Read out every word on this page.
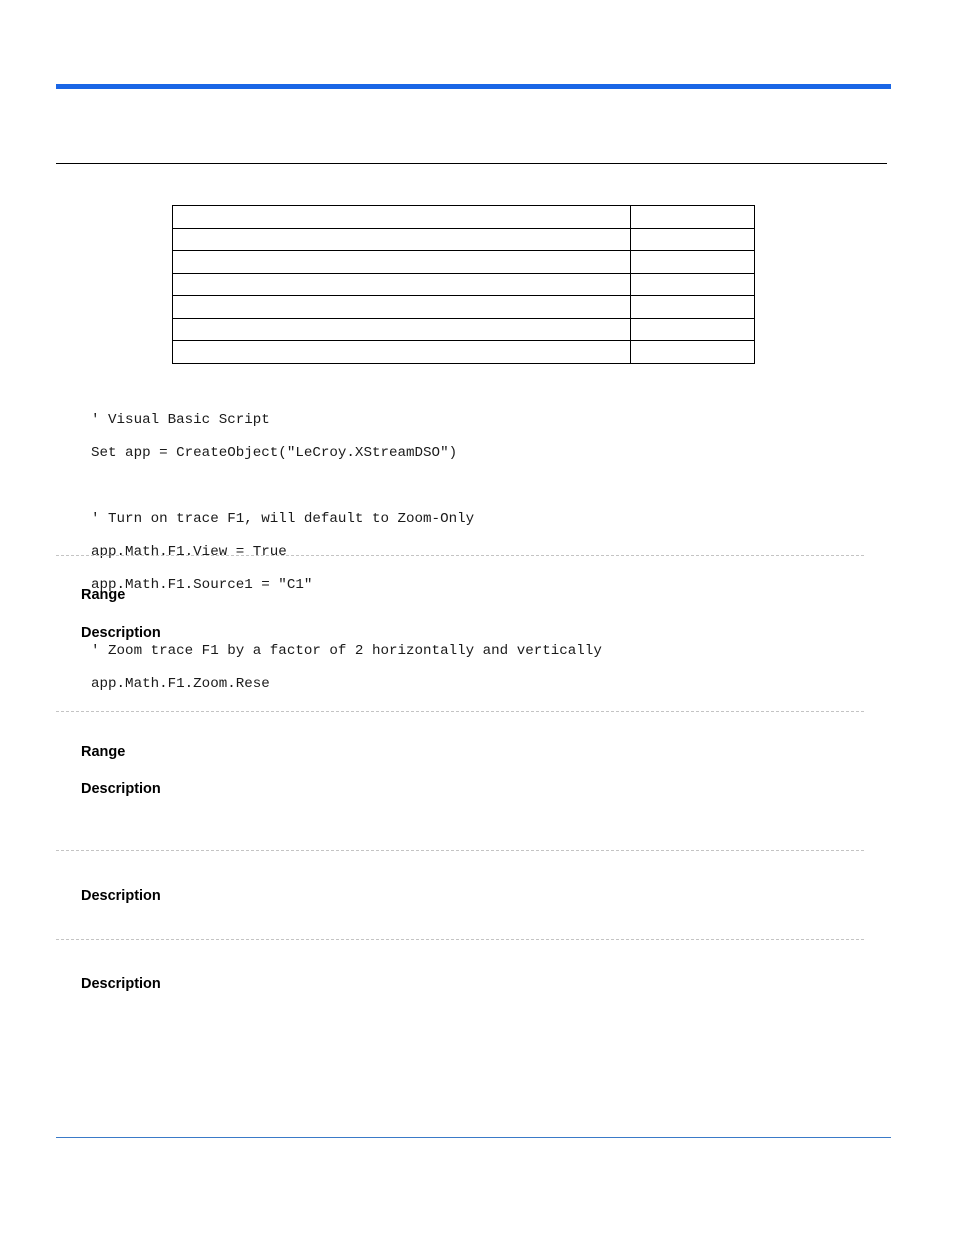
' Visual Basic Script

Set app = CreateObject("LeCroy.XStreamDSO")

' Turn on trace F1, will default to Zoom-Only

app.Math.F1.View = True

app.Math.F1.Source1 = "C1"

' Zoom trace F1 by a factor of 2 horizontally and vertically

app.Math.F1.Zoom.Rese

Range
Description
Range
Description
Description
Description
